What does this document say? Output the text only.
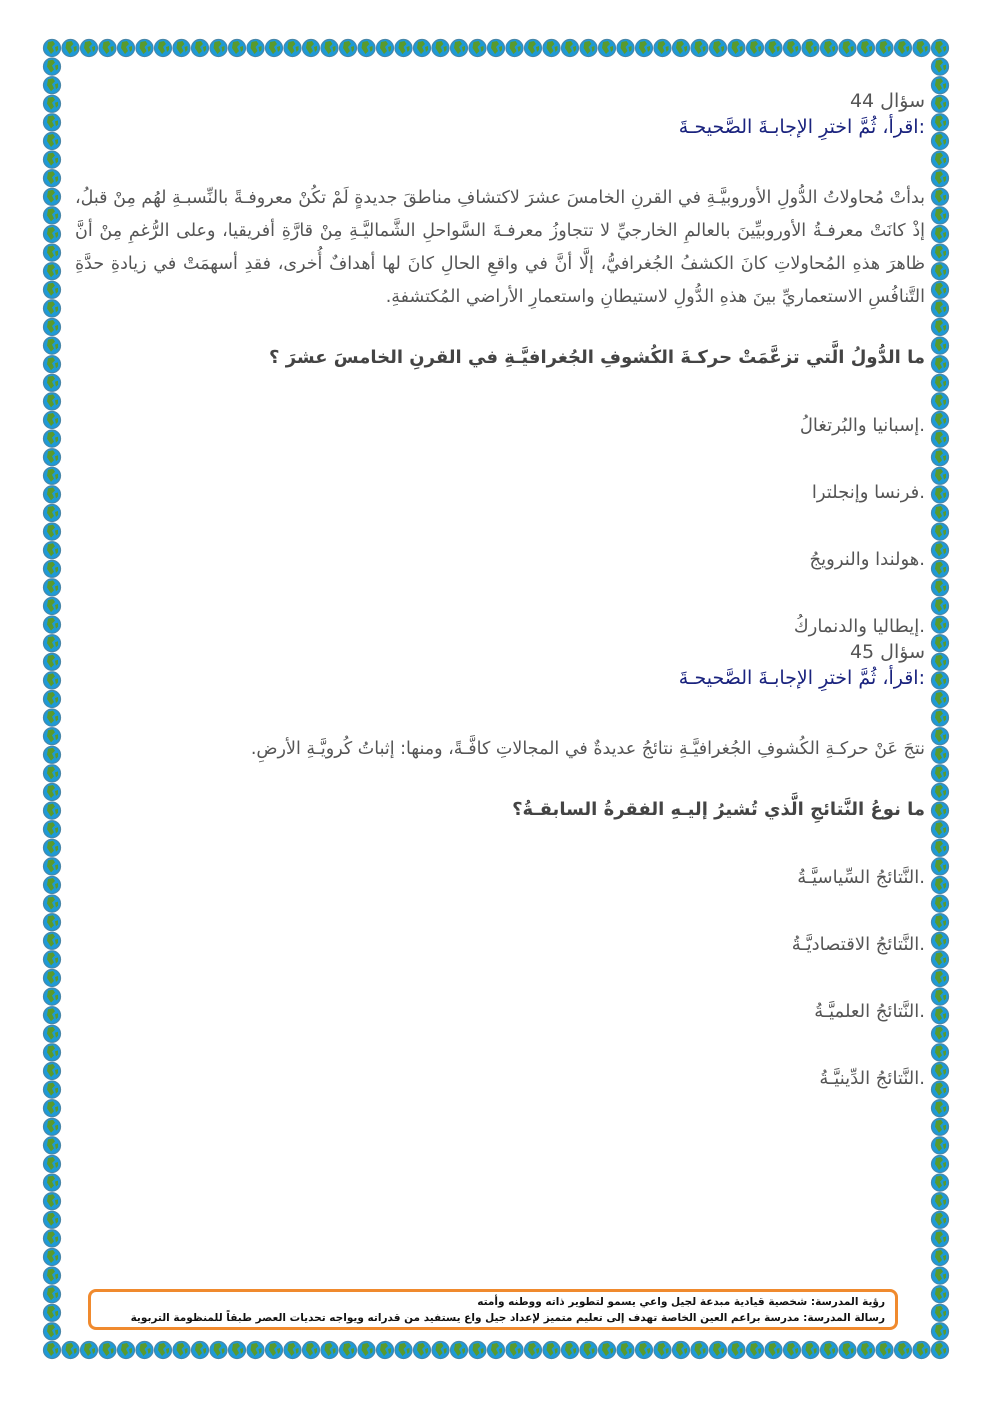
سؤال 44

:اقرأ، ثُمَّ اخترِ الإجابـةَ الصَّحيحـةَ

بدأتْ مُحاولاتُ الدُّولِ الأوروبيَّـةِ في القرنِ الخامسَ عشرَ لاكتشافِ مناطقَ جديدةٍ لَمْ تكُنْ معروفـةً بالنِّسبـةِ لهُم مِنْ قبلُ، إذْ كانَتْ معرفـةُ الأوروبيِّينَ بالعالمِ الخارجيِّ لا تتجاوزُ معرفـةَ السَّواحلِ الشَّماليَّـةِ مِنْ قارَّةِ أفريقيا، وعلى الرُّغمِ مِنْ أنَّ ظاهرَ هذهِ المُحاولاتِ كانَ الكشفُ الجُغرافيُّ، إلَّا أنَّ في واقعِ الحالِ كانَ لها أهدافٌ أُخرى، فقدِ أسهمَتْ في زيادةِ حدَّةِ التَّنافُسِ الاستعماريِّ بينَ هذهِ الدُّولِ لاستيطانِ واستعمارِ الأراضي المُكتشفةِ.

ما الدُّولُ الَّتي تزعَّمَتْ حركـةَ الكُشوفِ الجُغرافيَّـةِ في القرنِ الخامسَ عشرَ ؟

.إسبانيا والبُرتغالُ

.فرنسا وإنجلترا

.هولندا والنرويجُ

.إيطاليا والدنماركُ

سؤال 45

:اقرأ، ثُمَّ اخترِ الإجابـةَ الصَّحيحـةَ

نتجَ عَنْ حركـةِ الكُشوفِ الجُغرافيَّـةِ نتائجُ عديدةٌ في المجالاتِ كافَّـةً، ومنها: إثباتُ كُرويَّـةِ الأرضِ.

ما نوعُ النَّتائجِ الَّذي تُشيرُ إليـهِ الفقرةُ السابقـةُ؟

.النَّتائجُ السِّياسيَّـةُ

.النَّتائجُ الاقتصاديَّـةُ

.النَّتائجُ العلميَّـةُ

.النَّتائجُ الدِّينيَّـةُ

رؤية المدرسة: شخصية قيادية مبدعة لجيل واعي يسمو لتطوير ذاته ووطنه وأمته

رسالة المدرسة: مدرسة براعم العين الخاصة تهدف إلى تعليم متميز لإعداد جيل واع يستفيد من قدراته ويواجه تحديات العصر طبقاً للمنظومة التربوية
